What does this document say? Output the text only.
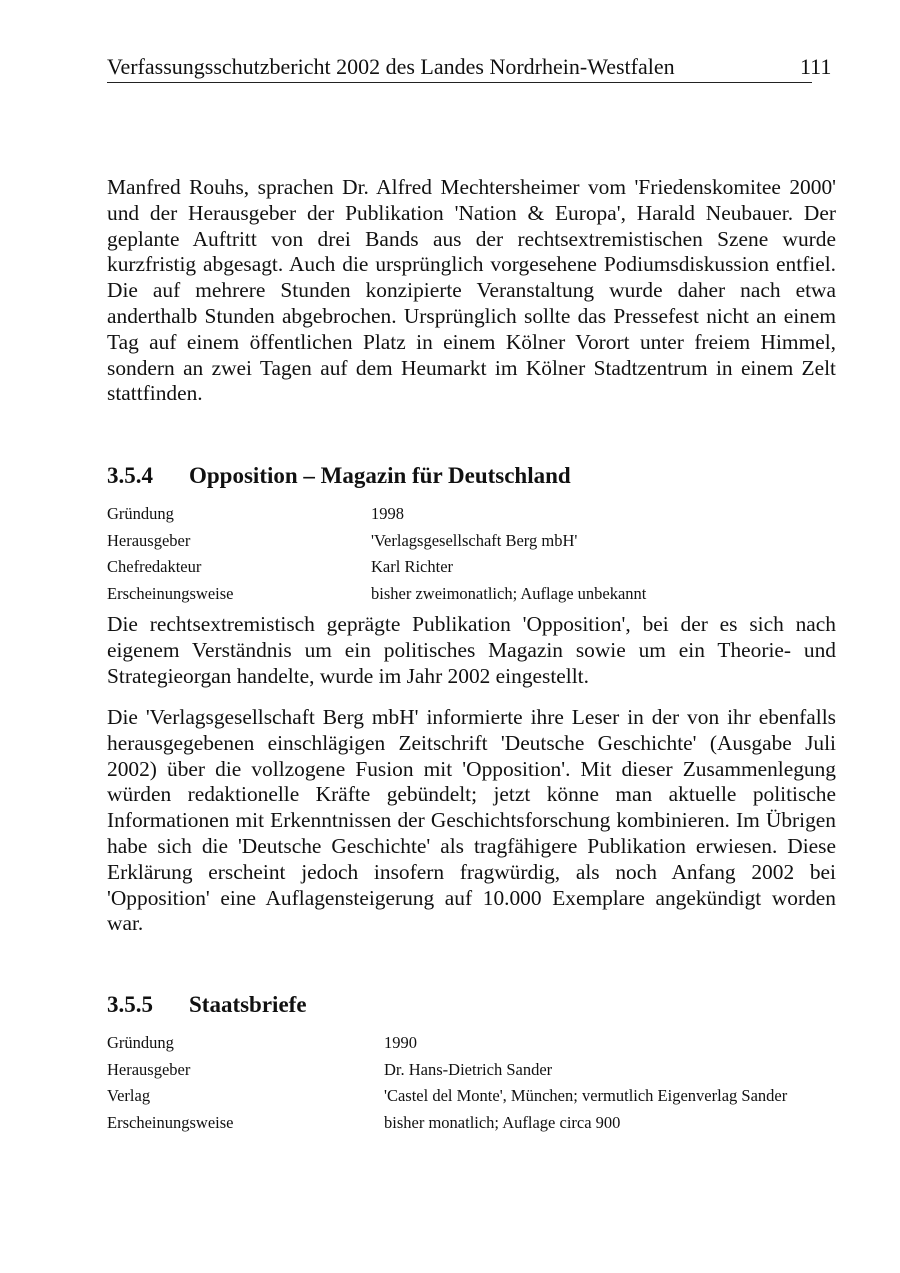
Verfassungsschutzbericht 2002 des Landes Nordrhein-Westfalen	111

Manfred Rouhs, sprachen Dr. Alfred Mechtersheimer vom 'Friedenskomitee 2000' und der Herausgeber der Publikation 'Nation & Europa', Harald Neubauer. Der geplante Auftritt von drei Bands aus der rechtsextremistischen Szene wurde kurzfristig abgesagt. Auch die ursprünglich vorgesehene Podiumsdiskussion entfiel. Die auf mehrere Stunden konzipierte Veranstaltung wurde daher nach etwa anderthalb Stunden abgebrochen. Ursprünglich sollte das Pressefest nicht an einem Tag auf einem öffentlichen Platz in einem Kölner Vorort unter freiem Himmel, sondern an zwei Tagen auf dem Heumarkt im Kölner Stadtzentrum in einem Zelt stattfinden.

3.5.4 Opposition – Magazin für Deutschland
Gründung	1998
Herausgeber	'Verlagsgesellschaft Berg mbH'
Chefredakteur	Karl Richter
Erscheinungsweise	bisher zweimonatlich; Auflage unbekannt

Die rechtsextremistisch geprägte Publikation 'Opposition', bei der es sich nach eigenem Verständnis um ein politisches Magazin sowie um ein Theorie- und Strategieorgan handelte, wurde im Jahr 2002 eingestellt.

Die 'Verlagsgesellschaft Berg mbH' informierte ihre Leser in der von ihr ebenfalls herausgegebenen einschlägigen Zeitschrift 'Deutsche Geschichte' (Ausgabe Juli 2002) über die vollzogene Fusion mit 'Opposition'. Mit dieser Zusammenlegung würden redaktionelle Kräfte gebündelt; jetzt könne man aktuelle politische Informationen mit Erkenntnissen der Geschichtsforschung kombinieren. Im Übrigen habe sich die 'Deutsche Geschichte' als tragfähigere Publikation erwiesen. Diese Erklärung erscheint jedoch insofern fragwürdig, als noch Anfang 2002 bei 'Opposition' eine Auflagensteigerung auf 10.000 Exemplare angekündigt worden war.

3.5.5 Staatsbriefe
Gründung	1990
Herausgeber	Dr. Hans-Dietrich Sander
Verlag	'Castel del Monte', München; vermutlich Eigenverlag Sander
Erscheinungsweise	bisher monatlich; Auflage circa 900
